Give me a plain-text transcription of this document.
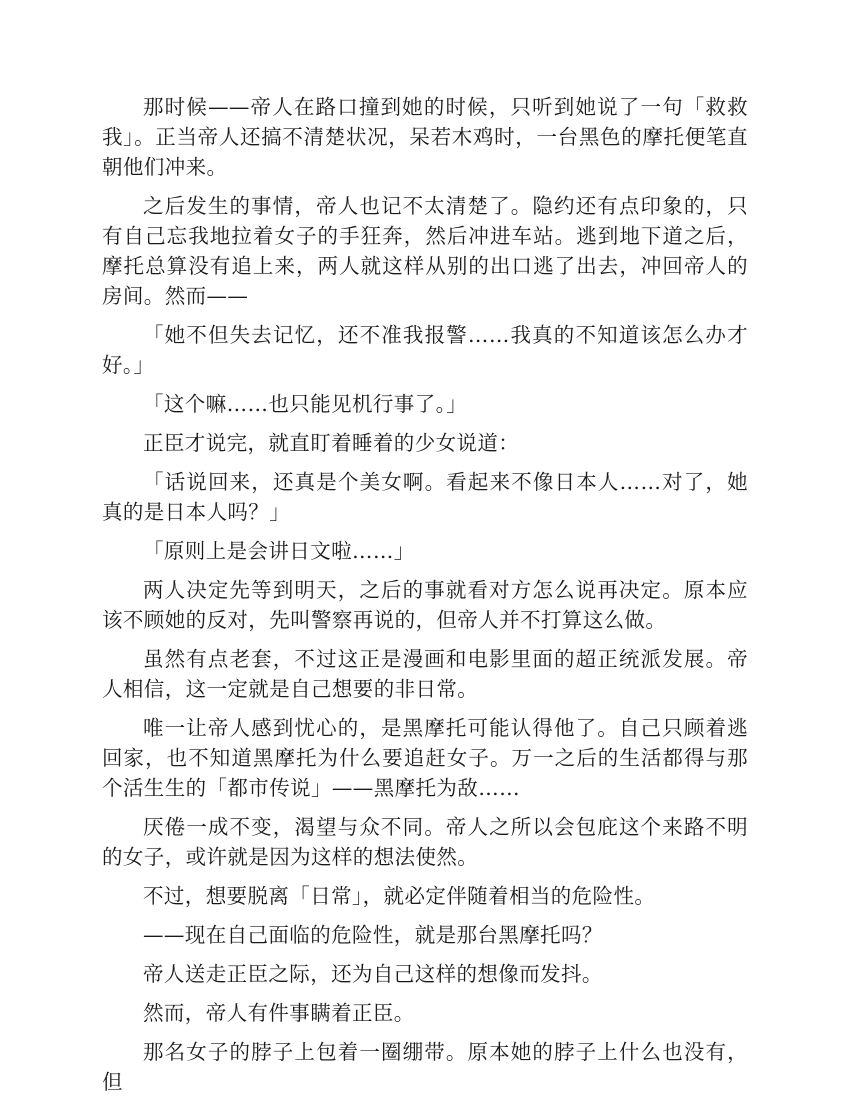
那时候——帝人在路口撞到她的时候，只听到她说了一句「救救我」。正当帝人还搞不清楚状况，呆若木鸡时，一台黑色的摩托便笔直朝他们冲来。

之后发生的事情，帝人也记不太清楚了。隐约还有点印象的，只有自己忘我地拉着女子的手狂奔，然后冲进车站。逃到地下道之后，摩托总算没有追上来，两人就这样从别的出口逃了出去，冲回帝人的房间。然而——

「她不但失去记忆，还不准我报警……我真的不知道该怎么办才好。」

「这个嘛……也只能见机行事了。」

正臣才说完，就直盯着睡着的少女说道：

「话说回来，还真是个美女啊。看起来不像日本人……对了，她真的是日本人吗？」

「原则上是会讲日文啦……」

两人决定先等到明天，之后的事就看对方怎么说再决定。原本应该不顾她的反对，先叫警察再说的，但帝人并不打算这么做。

虽然有点老套，不过这正是漫画和电影里面的超正统派发展。帝人相信，这一定就是自己想要的非日常。

唯一让帝人感到忧心的，是黑摩托可能认得他了。自己只顾着逃回家，也不知道黑摩托为什么要追赶女子。万一之后的生活都得与那个活生生的「都市传说」——黑摩托为敌……

厌倦一成不变，渴望与众不同。帝人之所以会包庇这个来路不明的女子，或许就是因为这样的想法使然。

不过，想要脱离「日常」，就必定伴随着相当的危险性。

——现在自己面临的危险性，就是那台黑摩托吗？

帝人送走正臣之际，还为自己这样的想像而发抖。

然而，帝人有件事瞒着正臣。

那名女子的脖子上包着一圈绷带。原本她的脖子上什么也没有，但
